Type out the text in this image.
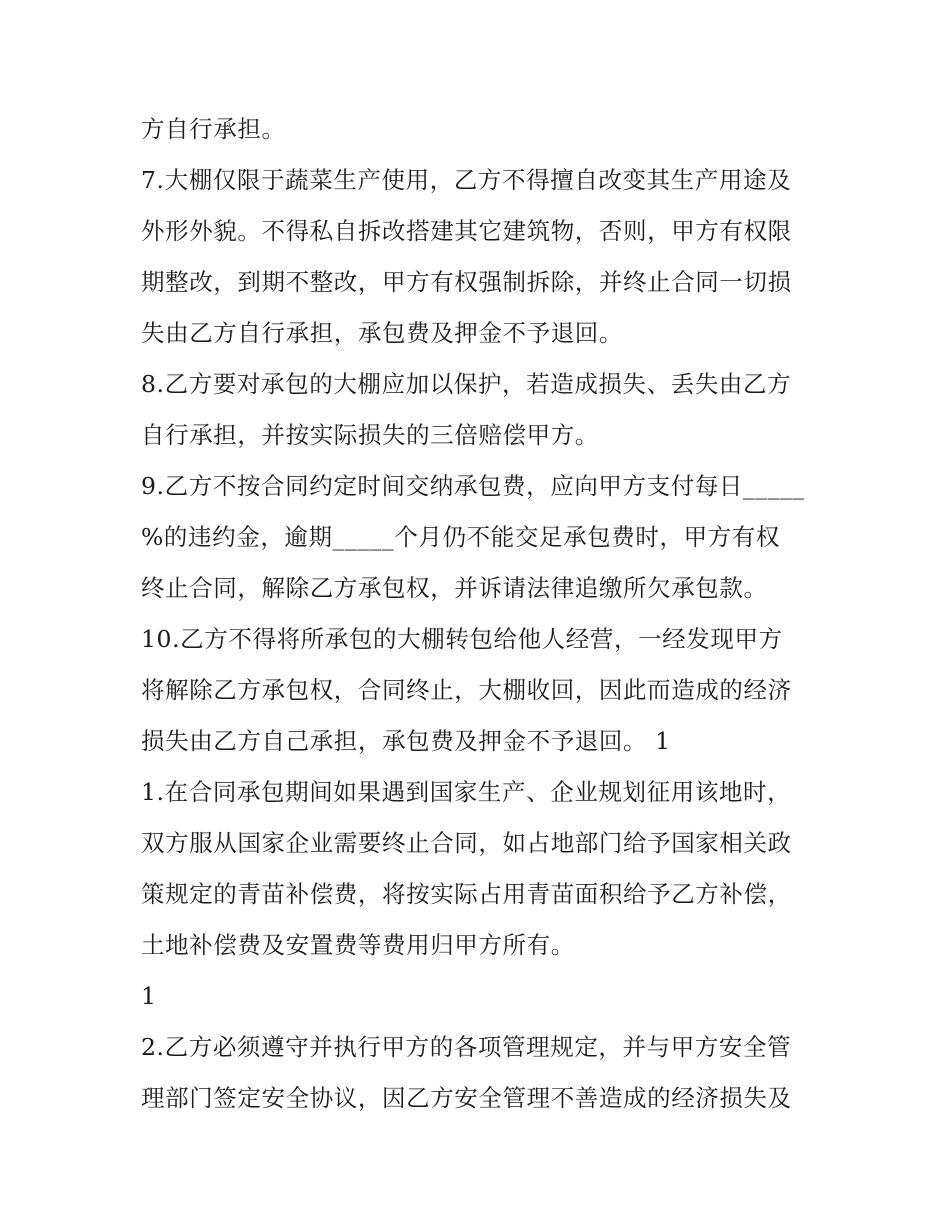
方自行承担。
7.大棚仅限于蔬菜生产使用，乙方不得擅自改变其生产用途及
外形外貌。不得私自拆改搭建其它建筑物，否则，甲方有权限
期整改，到期不整改，甲方有权强制拆除，并终止合同一切损
失由乙方自行承担，承包费及押金不予退回。
8.乙方要对承包的大棚应加以保护，若造成损失、丢失由乙方
自行承担，并按实际损失的三倍赔偿甲方。
9.乙方不按合同约定时间交纳承包费，应向甲方支付每日_____
%的违约金，逾期_____个月仍不能交足承包费时，甲方有权
终止合同，解除乙方承包权，并诉请法律追缴所欠承包款。
10.乙方不得将所承包的大棚转包给他人经营，一经发现甲方
将解除乙方承包权，合同终止，大棚收回，因此而造成的经济
损失由乙方自己承担，承包费及押金不予退回。 1
1.在合同承包期间如果遇到国家生产、企业规划征用该地时，
双方服从国家企业需要终止合同，如占地部门给予国家相关政
策规定的青苗补偿费，将按实际占用青苗面积给予乙方补偿，
土地补偿费及安置费等费用归甲方所有。
1
2.乙方必须遵守并执行甲方的各项管理规定，并与甲方安全管
理部门签定安全协议，因乙方安全管理不善造成的经济损失及
